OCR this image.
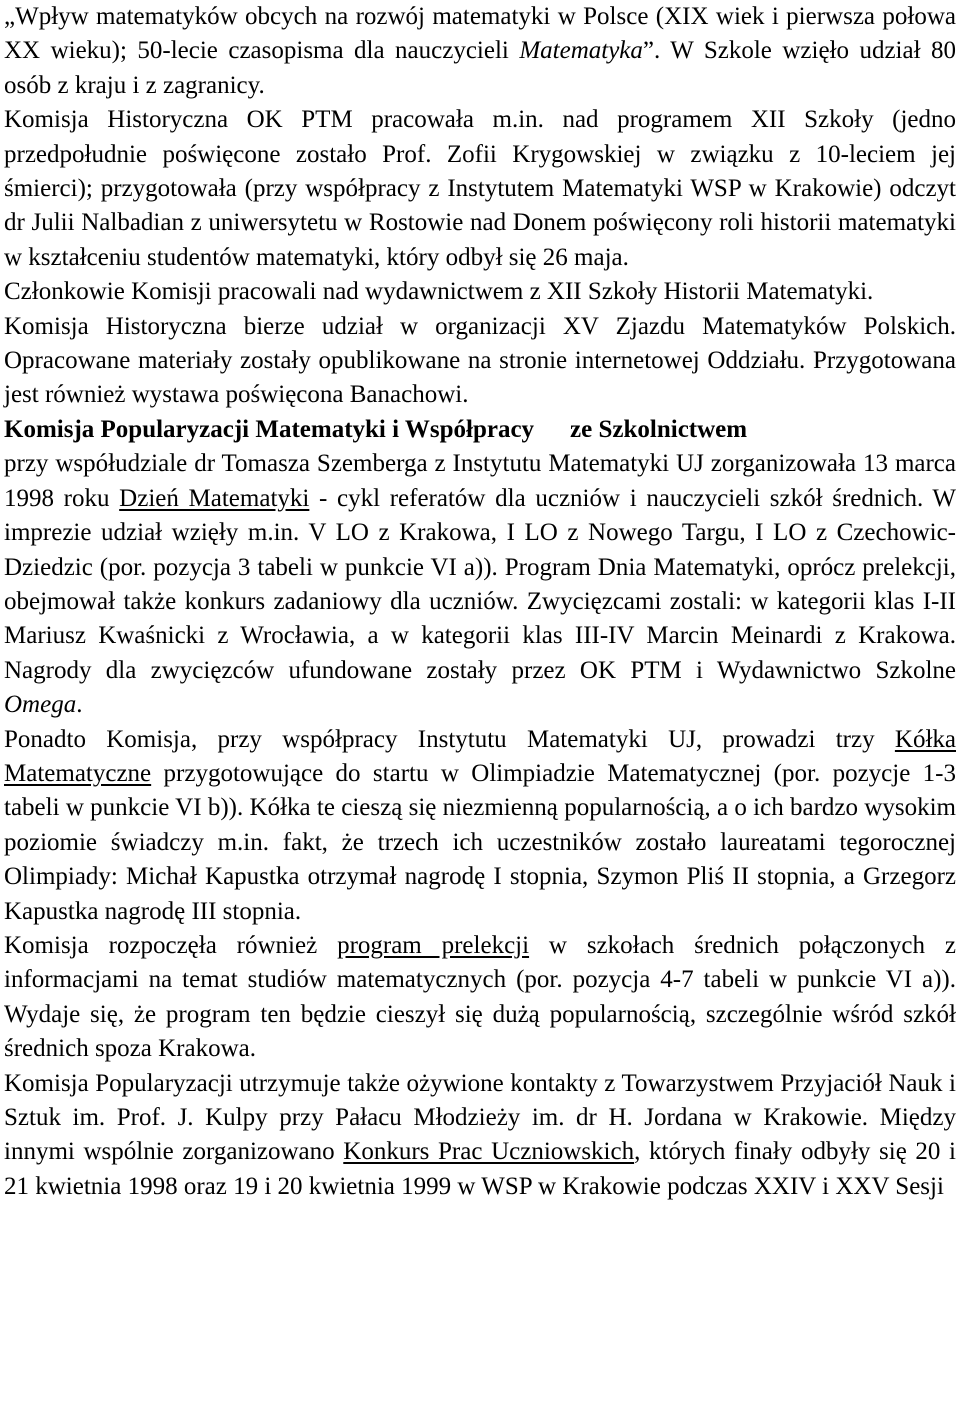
„Wpływ matematyków obcych na rozwój matematyki w Polsce (XIX wiek i pierwsza połowa XX wieku); 50-lecie czasopisma dla nauczycieli Matematyka”. W Szkole wzięło udział 80 osób z kraju i z zagranicy.

Komisja Historyczna OK PTM pracowała m.in. nad programem XII Szkoły (jedno przedpołudnie poświęcone zostało Prof. Zofii Krygowskiej w związku z 10-leciem jej śmierci); przygotowała (przy współpracy z Instytutem Matematyki WSP w Krakowie) odczyt dr Julii Nalbadian z uniwersytetu w Rostowie nad Donem poświęcony roli historii matematyki w kształceniu studentów matematyki, który odbył się 26 maja.

Członkowie Komisji pracowali nad wydawnictwem z XII Szkoły Historii Matematyki.

Komisja Historyczna bierze udział w organizacji XV Zjazdu Matematyków Polskich. Opracowane materiały zostały opublikowane na stronie internetowej Oddziału. Przygotowana jest również wystawa poświęcona Banachowi.

Komisja Popularyzacji Matematyki i Współpracy ze Szkolnictwem

przy współudziale dr Tomasza Szemberga z Instytutu Matematyki UJ zorganizowała 13 marca 1998 roku Dzień Matematyki - cykl referatów dla uczniów i nauczycieli szkół średnich. W imprezie udział wzięły m.in. V LO z Krakowa, I LO z Nowego Targu, I LO z Czechowic-Dziedzic (por. pozycja 3 tabeli w punkcie VI a)). Program Dnia Matematyki, oprócz prelekcji, obejmował także konkurs zadaniowy dla uczniów. Zwycięzcami zostali: w kategorii klas I-II Mariusz Kwaśnicki z Wrocławia, a w kategorii klas III-IV Marcin Meinardi z Krakowa. Nagrody dla zwycięzców ufundowane zostały przez OK PTM i Wydawnictwo Szkolne Omega.

Ponadto Komisja, przy współpracy Instytutu Matematyki UJ, prowadzi trzy Kółka Matematyczne przygotowujące do startu w Olimpiadzie Matematycznej (por. pozycje 1-3 tabeli w punkcie VI b)). Kółka te cieszą się niezmienną popularnością, a o ich bardzo wysokim poziomie świadczy m.in. fakt, że trzech ich uczestników zostało laureatami tegorocznej Olimpiady: Michał Kapustka otrzymał nagrodę I stopnia, Szymon Pliś II stopnia, a Grzegorz Kapustka nagrodę III stopnia.

Komisja rozpoczęła również program prelekcji w szkołach średnich połączonych z informacjami na temat studiów matematycznych (por. pozycja 4-7 tabeli w punkcie VI a)). Wydaje się, że program ten będzie cieszył się dużą popularnością, szczególnie wśród szkół średnich spoza Krakowa.

Komisja Popularyzacji utrzymuje także ożywione kontakty z Towarzystwem Przyjaciół Nauk i Sztuk im. Prof. J. Kulpy przy Pałacu Młodzieży im. dr H. Jordana w Krakowie. Między innymi wspólnie zorganizowano Konkurs Prac Uczniowskich, których finały odbyły się 20 i 21 kwietnia 1998 oraz 19 i 20 kwietnia 1999 w WSP w Krakowie podczas XXIV i XXV Sesji
